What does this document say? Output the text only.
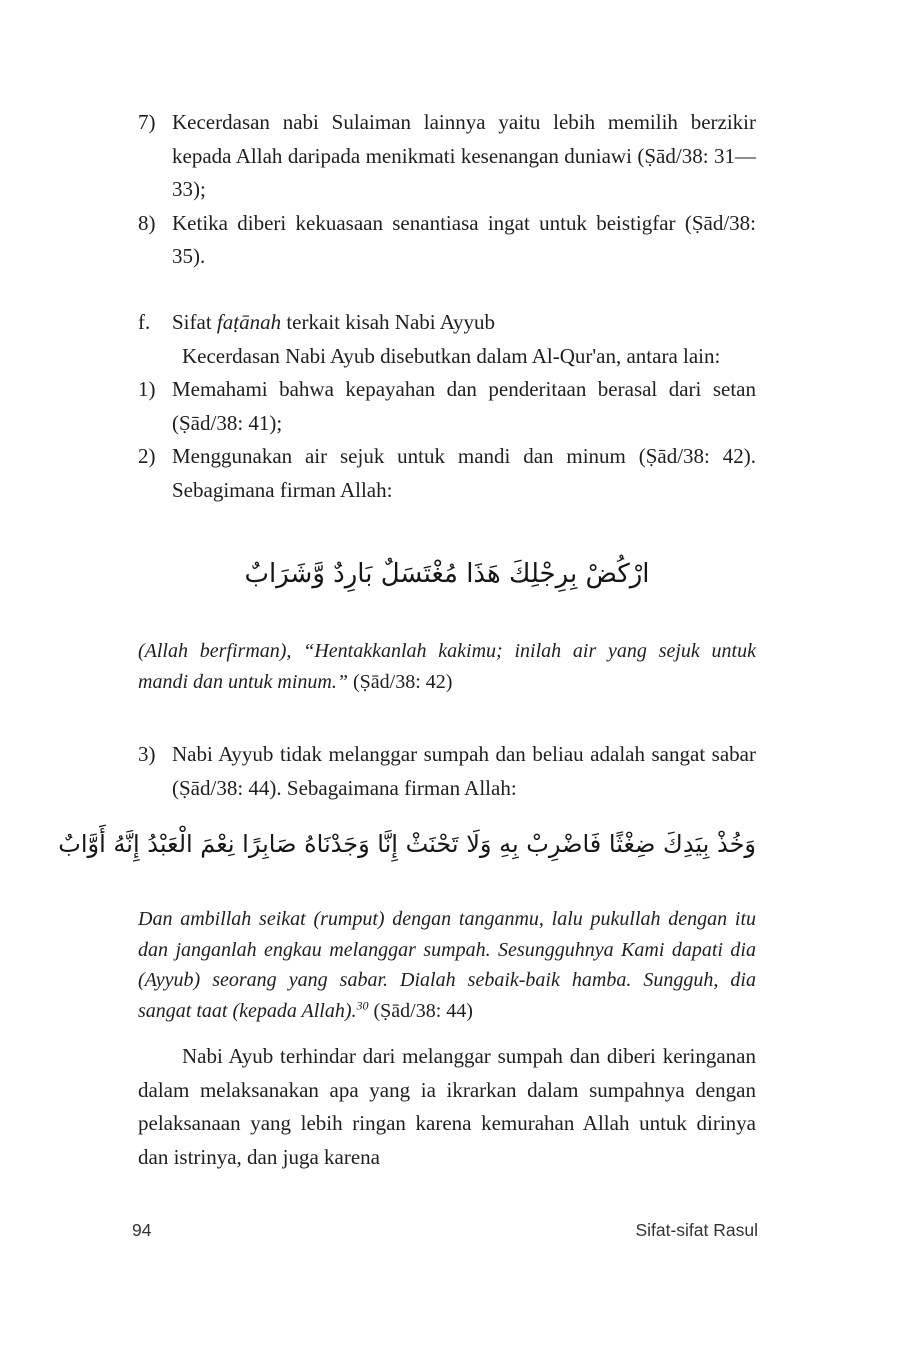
7) Kecerdasan nabi Sulaiman lainnya yaitu lebih memilih berzikir kepada Allah daripada menikmati kesenangan duniawi (Ṣād/38: 31—33);
8) Ketika diberi kekuasaan senantiasa ingat untuk beistigfar (Ṣād/38: 35).
f. Sifat faṭānah terkait kisah Nabi Ayyub
Kecerdasan Nabi Ayub disebutkan dalam Al-Qur'an, antara lain:
1) Memahami bahwa kepayahan dan penderitaan berasal dari setan (Ṣād/38: 41);
2) Menggunakan air sejuk untuk mandi dan minum (Ṣād/38: 42). Sebagimana firman Allah:
ارْكُضْ بِرِجْلِكَ هَذَا مُغْتَسَلٌ بَارِدٌ وَّشَرَابٌ
(Allah berfirman), “Hentakkanlah kakimu; inilah air yang sejuk untuk mandi dan untuk minum.” (Ṣād/38: 42)
3) Nabi Ayyub tidak melanggar sumpah dan beliau adalah sangat sabar (Ṣād/38: 44). Sebagaimana firman Allah:
وَخُذْ بِيَدِكَ ضِغْثًا فَاضْرِبْ بِهِ وَلَا تَحْنَثْ إِنَّا وَجَدْنَاهُ صَابِرًا نِعْمَ الْعَبْدُ إِنَّهُ أَوَّابٌ
Dan ambillah seikat (rumput) dengan tanganmu, lalu pukullah dengan itu dan janganlah engkau melanggar sumpah. Sesungguhnya Kami dapati dia (Ayyub) seorang yang sabar. Dialah sebaik-baik hamba. Sungguh, dia sangat taat (kepada Allah).$^{30}$ (Ṣād/38: 44)
Nabi Ayub terhindar dari melanggar sumpah dan diberi keringanan dalam melaksanakan apa yang ia ikrarkan dalam sumpahnya dengan pelaksanaan yang lebih ringan karena kemurahan Allah untuk dirinya dan istrinya, dan juga karena
94	Sifat-sifat Rasul
